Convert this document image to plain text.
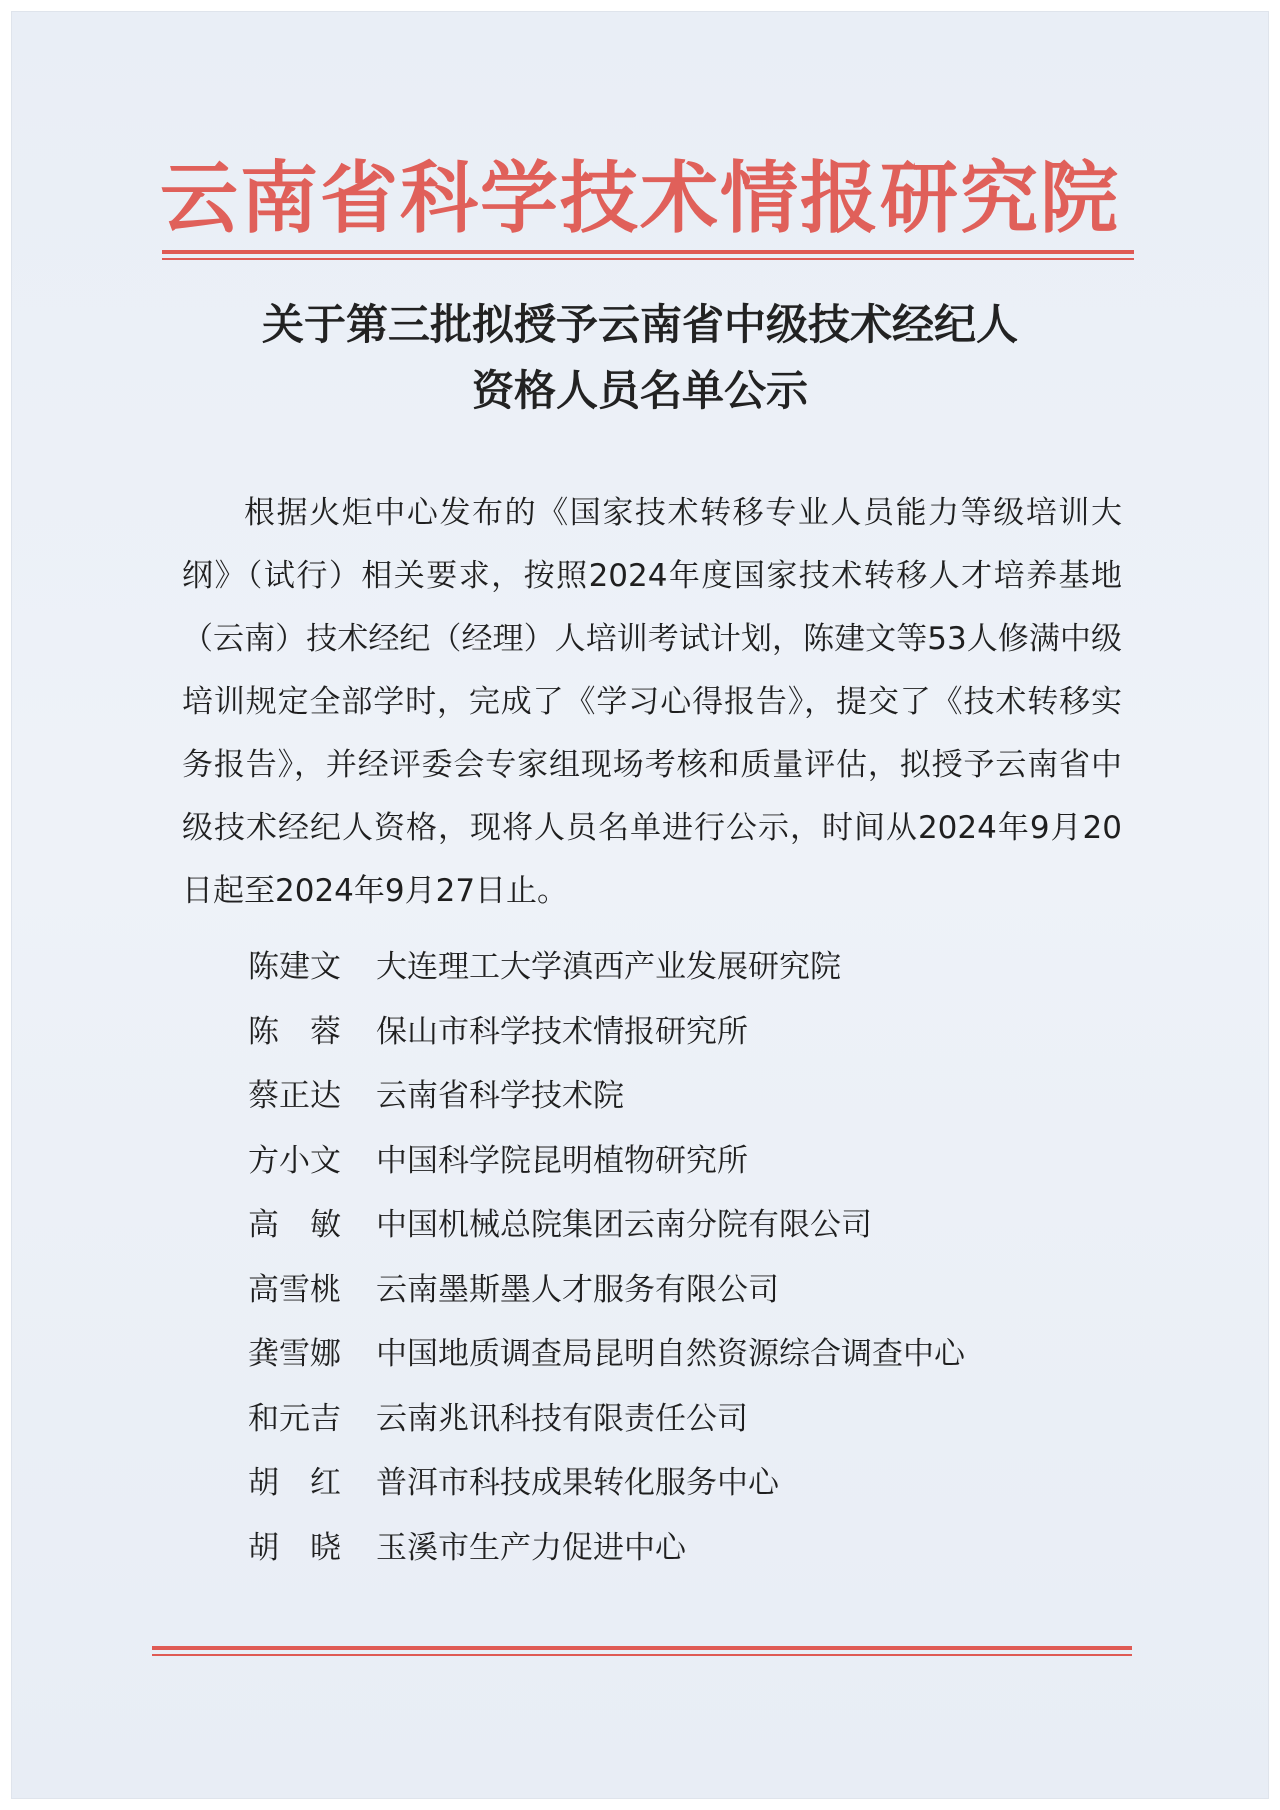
云南省科学技术情报研究院
关于第三批拟授予云南省中级技术经纪人
资格人员名单公示

根据火炬中心发布的《国家技术转移专业人员能力等级培训大纲》（试行）相关要求，按照2024年度国家技术转移人才培养基地（云南）技术经纪（经理）人培训考试计划，陈建文等53人修满中级培训规定全部学时，完成了《学习心得报告》，提交了《技术转移实务报告》，并经评委会专家组现场考核和质量评估，拟授予云南省中级技术经纪人资格，现将人员名单进行公示，时间从2024年9月20日起至2024年9月27日止。

陈建文 大连理工大学滇西产业发展研究院
陈　蓉 保山市科学技术情报研究所
蔡正达 云南省科学技术院
方小文 中国科学院昆明植物研究所
高　敏 中国机械总院集团云南分院有限公司
高雪桃 云南墨斯墨人才服务有限公司
龚雪娜 中国地质调查局昆明自然资源综合调查中心
和元吉 云南兆讯科技有限责任公司
胡　红 普洱市科技成果转化服务中心
胡　晓 玉溪市生产力促进中心
